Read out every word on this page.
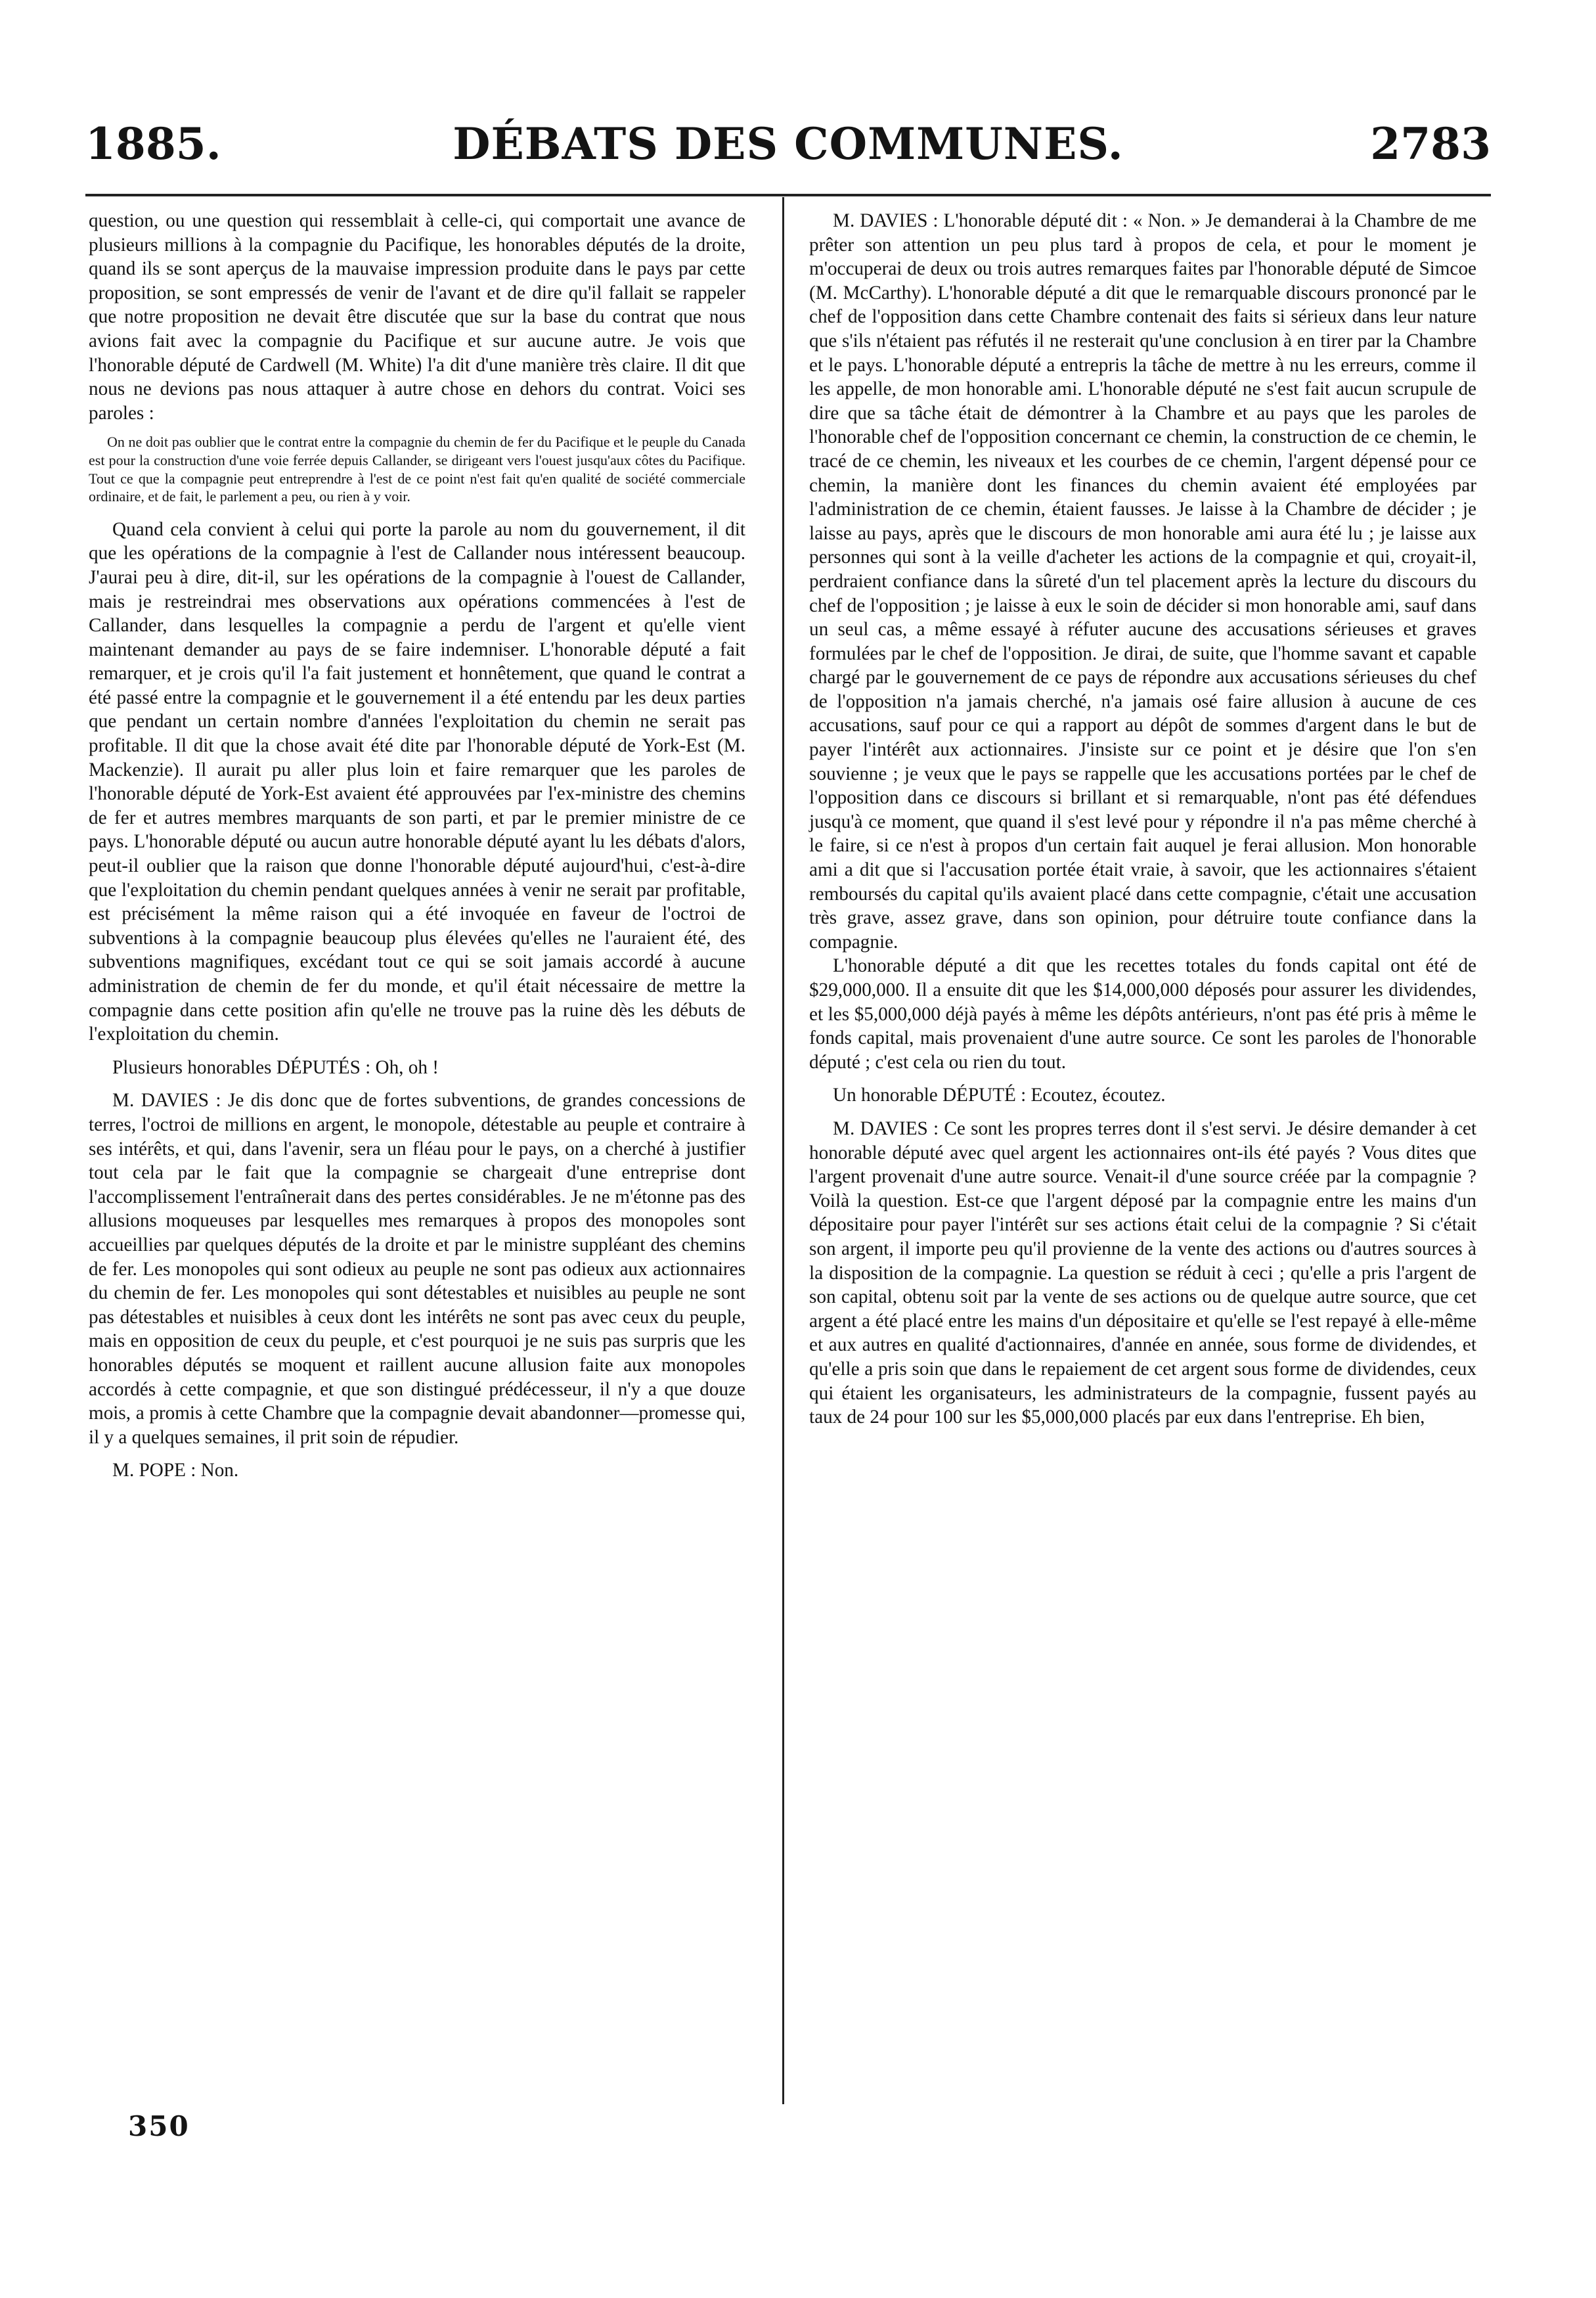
1885.	DÉBATS DES COMMUNES.	2783

question, ou une question qui ressemblait à celle-ci, qui comportait une avance de plusieurs millions à la compagnie du Pacifique, les honorables députés de la droite, quand ils se sont aperçus de la mauvaise impression produite dans le pays par cette proposition, se sont empressés de venir de l'avant et de dire qu'il fallait se rappeler que notre proposition ne devait être discutée que sur la base du contrat que nous avions fait avec la compagnie du Pacifique et sur aucune autre. Je vois que l'honorable député de Cardwell (M. White) l'a dit d'une manière très claire. Il dit que nous ne devions pas nous attaquer à autre chose en dehors du contrat. Voici ses paroles :

On ne doit pas oublier que le contrat entre la compagnie du chemin de fer du Pacifique et le peuple du Canada est pour la construction d'une voie ferrée depuis Callander, se dirigeant vers l'ouest jusqu'aux côtes du Pacifique. Tout ce que la compagnie peut entreprendre à l'est de ce point n'est fait qu'en qualité de société commerciale ordinaire, et de fait, le parlement a peu, ou rien à y voir.

Quand cela convient à celui qui porte la parole au nom du gouvernement, il dit que les opérations de la compagnie à l'est de Callander nous intéressent beaucoup. J'aurai peu à dire, dit-il, sur les opérations de la compagnie à l'ouest de Callander, mais je restreindrai mes observations aux opérations commencées à l'est de Callander, dans lesquelles la compagnie a perdu de l'argent et qu'elle vient maintenant demander au pays de se faire indemniser. L'honorable député a fait remarquer, et je crois qu'il l'a fait justement et honnêtement, que quand le contrat a été passé entre la compagnie et le gouvernement il a été entendu par les deux parties que pendant un certain nombre d'années l'exploitation du chemin ne serait pas profitable. Il dit que la chose avait été dite par l'honorable député de York-Est (M. Mackenzie). Il aurait pu aller plus loin et faire remarquer que les paroles de l'honorable député de York-Est avaient été approuvées par l'ex-ministre des chemins de fer et autres membres marquants de son parti, et par le premier ministre de ce pays. L'honorable député ou aucun autre honorable député ayant lu les débats d'alors, peut-il oublier que la raison que donne l'honorable député aujourd'hui, c'est-à-dire que l'exploitation du chemin pendant quelques années à venir ne serait par profitable, est précisément la même raison qui a été invoquée en faveur de l'octroi de subventions à la compagnie beaucoup plus élevées qu'elles ne l'auraient été, des subventions magnifiques, excédant tout ce qui se soit jamais accordé à aucune administration de chemin de fer du monde, et qu'il était nécessaire de mettre la compagnie dans cette position afin qu'elle ne trouve pas la ruine dès les débuts de l'exploitation du chemin.

Plusieurs honorables DÉPUTÉS : Oh, oh !

M. DAVIES : Je dis donc que de fortes subventions, de grandes concessions de terres, l'octroi de millions en argent, le monopole, détestable au peuple et contraire à ses intérêts, et qui, dans l'avenir, sera un fléau pour le pays, on a cherché à justifier tout cela par le fait que la compagnie se chargeait d'une entreprise dont l'accomplissement l'entraînerait dans des pertes considérables. Je ne m'étonne pas des allusions moqueuses par lesquelles mes remarques à propos des monopoles sont accueillies par quelques députés de la droite et par le ministre suppléant des chemins de fer. Les monopoles qui sont odieux au peuple ne sont pas odieux aux actionnaires du chemin de fer. Les monopoles qui sont détestables et nuisibles au peuple ne sont pas détestables et nuisibles à ceux dont les intérêts ne sont pas avec ceux du peuple, mais en opposition de ceux du peuple, et c'est pourquoi je ne suis pas surpris que les honorables députés se moquent et raillent aucune allusion faite aux monopoles accordés à cette compagnie, et que son distingué prédécesseur, il n'y a que douze mois, a promis à cette Chambre que la compagnie devait abandonner—promesse qui, il y a quelques semaines, il prit soin de répudier.

M. POPE : Non.

350

M. DAVIES : L'honorable député dit : « Non. » Je demanderai à la Chambre de me prêter son attention un peu plus tard à propos de cela, et pour le moment je m'occuperai de deux ou trois autres remarques faites par l'honorable député de Simcoe (M. McCarthy). L'honorable député a dit que le remarquable discours prononcé par le chef de l'opposition dans cette Chambre contenait des faits si sérieux dans leur nature que s'ils n'étaient pas réfutés il ne resterait qu'une conclusion à en tirer par la Chambre et le pays. L'honorable député a entrepris la tâche de mettre à nu les erreurs, comme il les appelle, de mon honorable ami. L'honorable député ne s'est fait aucun scrupule de dire que sa tâche était de démontrer à la Chambre et au pays que les paroles de l'honorable chef de l'opposition concernant ce chemin, la construction de ce chemin, le tracé de ce chemin, les niveaux et les courbes de ce chemin, l'argent dépensé pour ce chemin, la manière dont les finances du chemin avaient été employées par l'administration de ce chemin, étaient fausses. Je laisse à la Chambre de décider ; je laisse au pays, après que le discours de mon honorable ami aura été lu ; je laisse aux personnes qui sont à la veille d'acheter les actions de la compagnie et qui, croyait-il, perdraient confiance dans la sûreté d'un tel placement après la lecture du discours du chef de l'opposition ; je laisse à eux le soin de décider si mon honorable ami, sauf dans un seul cas, a même essayé à réfuter aucune des accusations sérieuses et graves formulées par le chef de l'opposition. Je dirai, de suite, que l'homme savant et capable chargé par le gouvernement de ce pays de répondre aux accusations sérieuses du chef de l'opposition n'a jamais cherché, n'a jamais osé faire allusion à aucune de ces accusations, sauf pour ce qui a rapport au dépôt de sommes d'argent dans le but de payer l'intérêt aux actionnaires. J'insiste sur ce point et je désire que l'on s'en souvienne ; je veux que le pays se rappelle que les accusations portées par le chef de l'opposition dans ce discours si brillant et si remarquable, n'ont pas été défendues jusqu'à ce moment, que quand il s'est levé pour y répondre il n'a pas même cherché à le faire, si ce n'est à propos d'un certain fait auquel je ferai allusion. Mon honorable ami a dit que si l'accusation portée était vraie, à savoir, que les actionnaires s'étaient remboursés du capital qu'ils avaient placé dans cette compagnie, c'était une accusation très grave, assez grave, dans son opinion, pour détruire toute confiance dans la compagnie.

L'honorable député a dit que les recettes totales du fonds capital ont été de $29,000,000. Il a ensuite dit que les $14,000,000 déposés pour assurer les dividendes, et les $5,000,000 déjà payés à même les dépôts antérieurs, n'ont pas été pris à même le fonds capital, mais provenaient d'une autre source. Ce sont les paroles de l'honorable député ; c'est cela ou rien du tout.

Un honorable DÉPUTÉ : Ecoutez, écoutez.

M. DAVIES : Ce sont les propres terres dont il s'est servi. Je désire demander à cet honorable député avec quel argent les actionnaires ont-ils été payés ? Vous dites que l'argent provenait d'une autre source. Venait-il d'une source créée par la compagnie ? Voilà la question. Est-ce que l'argent déposé par la compagnie entre les mains d'un dépositaire pour payer l'intérêt sur ses actions était celui de la compagnie ? Si c'était son argent, il importe peu qu'il provienne de la vente des actions ou d'autres sources à la disposition de la compagnie. La question se réduit à ceci ; qu'elle a pris l'argent de son capital, obtenu soit par la vente de ses actions ou de quelque autre source, que cet argent a été placé entre les mains d'un dépositaire et qu'elle se l'est repayé à elle-même et aux autres en qualité d'actionnaires, d'année en année, sous forme de dividendes, et qu'elle a pris soin que dans le repaiement de cet argent sous forme de dividendes, ceux qui étaient les organisateurs, les administrateurs de la compagnie, fussent payés au taux de 24 pour 100 sur les $5,000,000 placés par eux dans l'entreprise. Eh bien,
